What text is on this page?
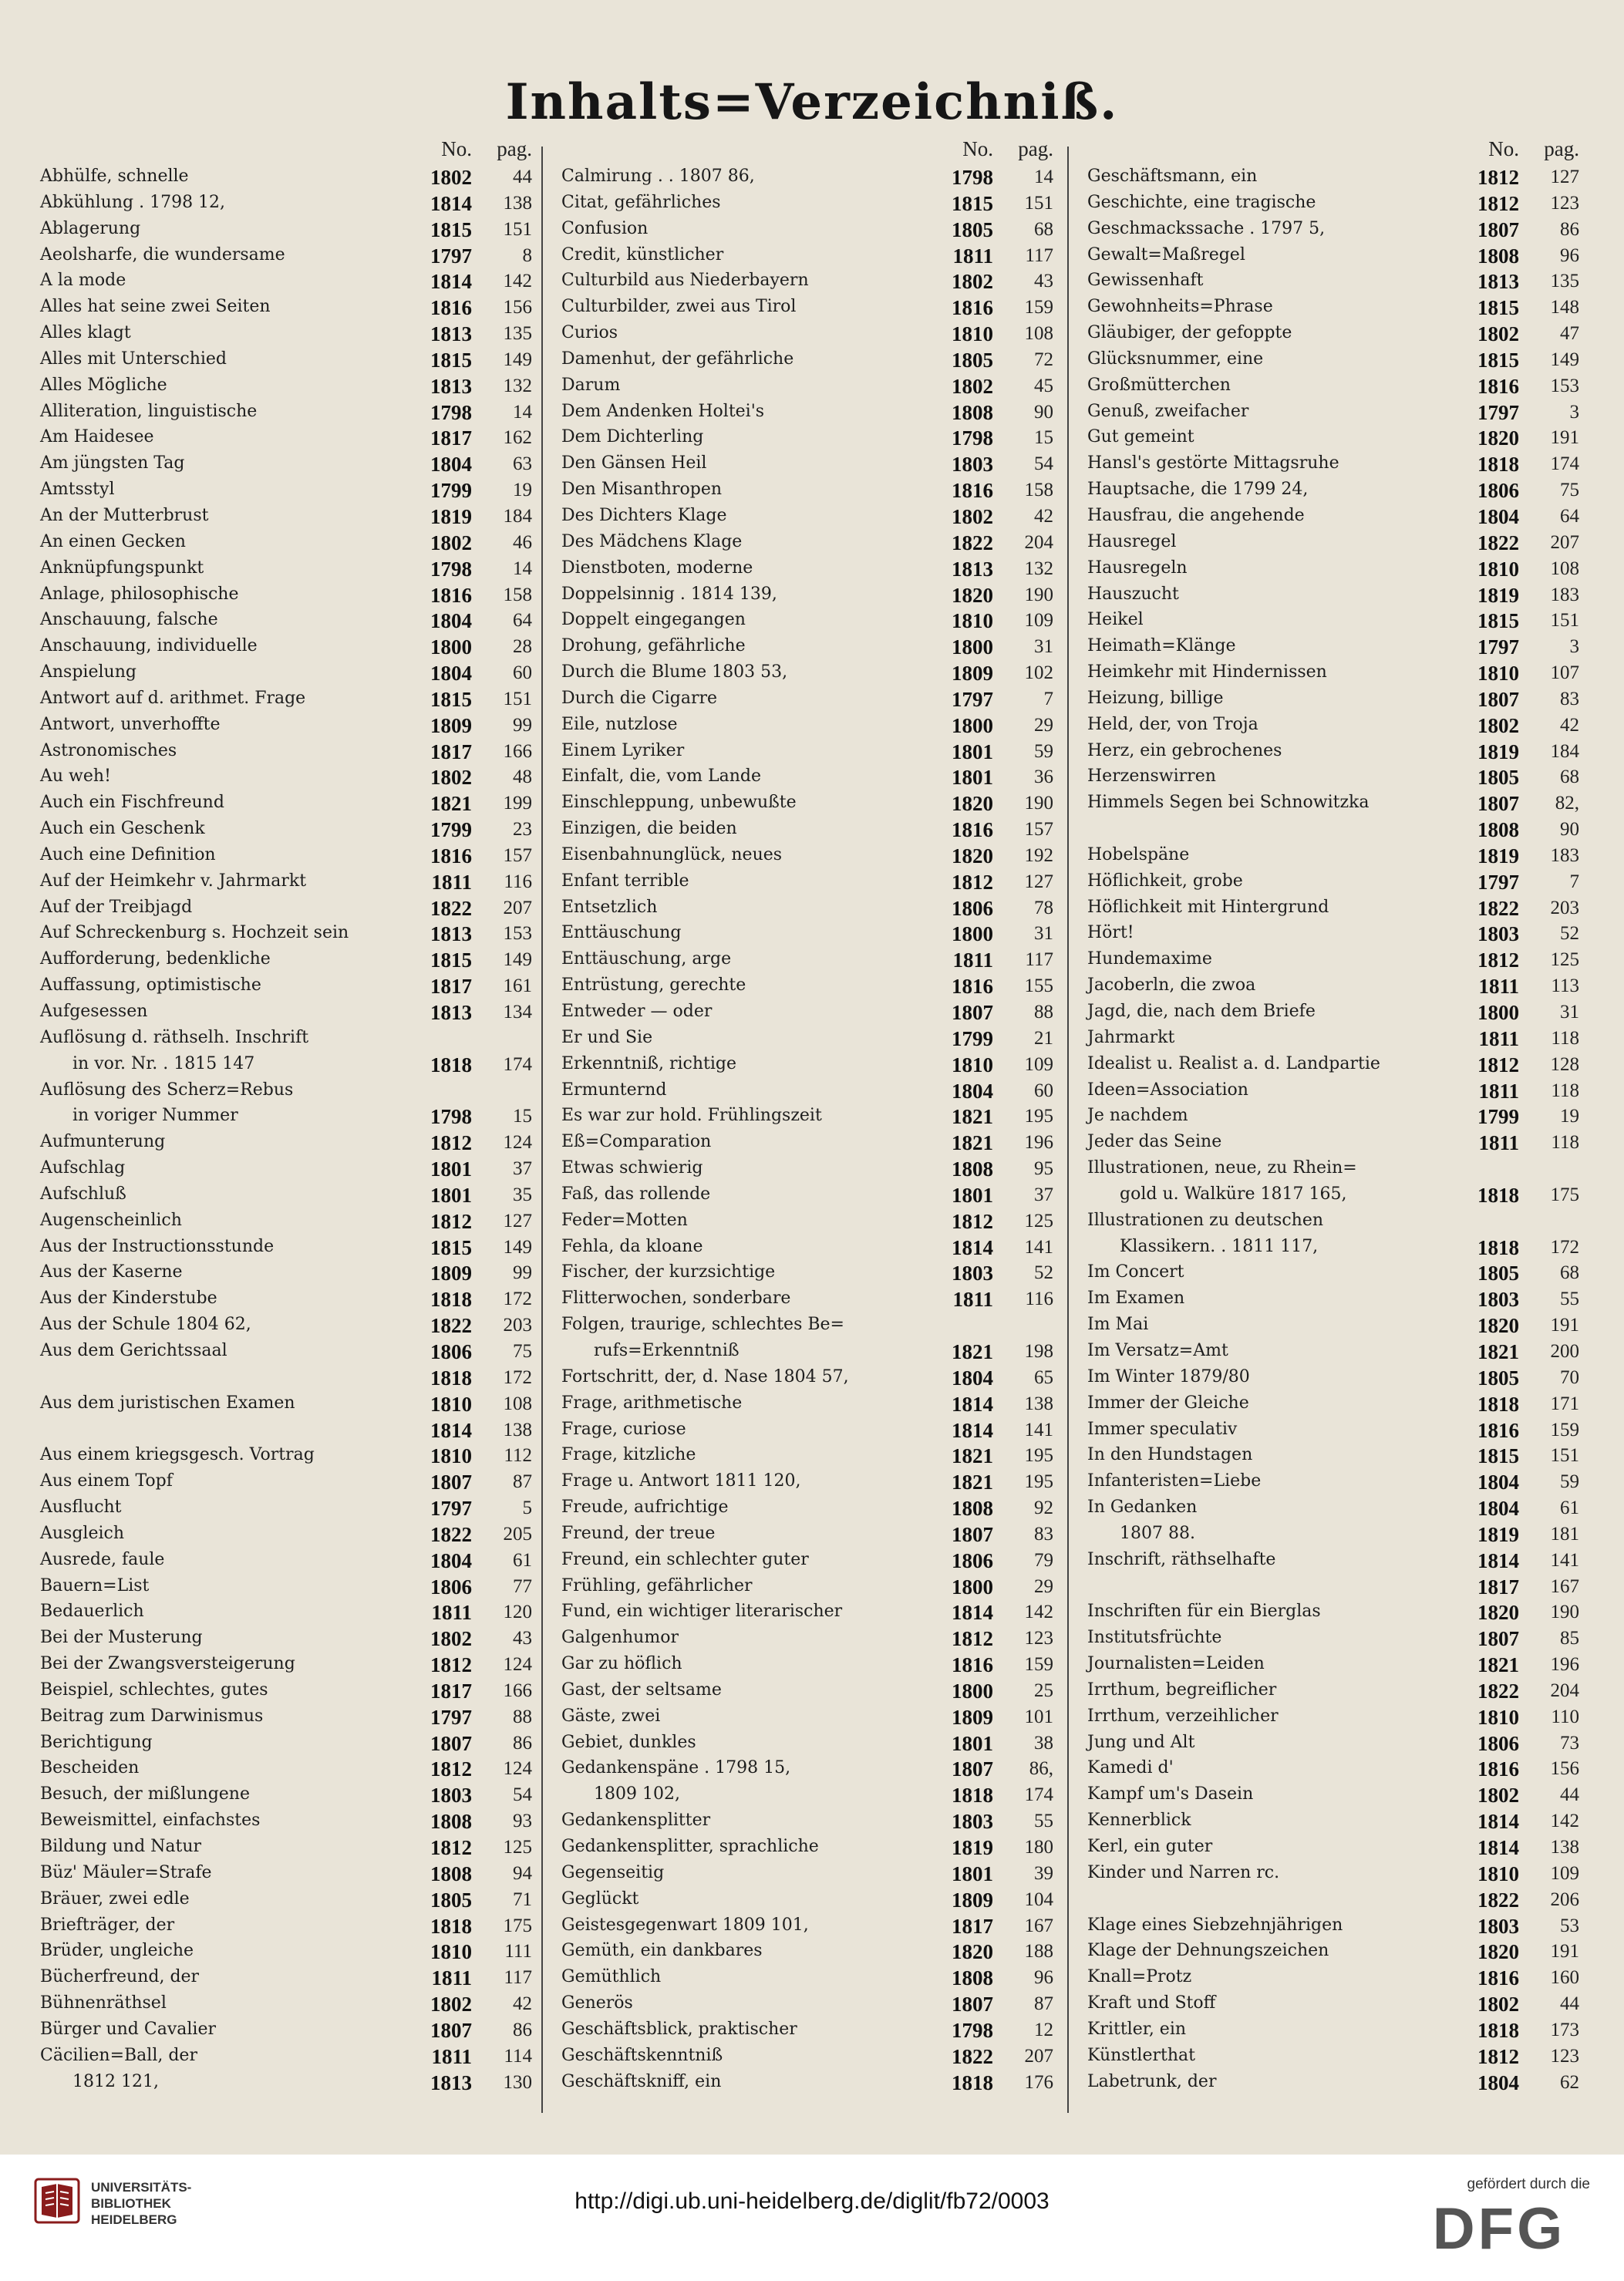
Inhalts=Verzeichniß.
No. pag.
Abhülfe, schnelle	1802 44
Abkühlung . 1798 12,	1814 138
Ablagerung	1815 151
Aeolsharfe, die wundersame	1797	8
A la mode	1814 142
Alles hat seine zwei Seiten	1816 156
Alles klagt	1813 135
Alles mit Unterschied	1815 149
Alles Mögliche	1813 132
Alliteration, linguistische	1798 14
Am Haidesee	1817 162
Am jüngsten Tag	1804 63
Amtsstyl	1799 19
An der Mutterbrust	1819 184
An einen Gecken	1802 46
Anknüpfungspunkt	1798 14
Anlage, philosophische	1816 158
Anschauung, falsche	1804 64
Anschauung, individuelle	1800 28
Anspielung	1804 60
Antwort auf d. arithmet. Frage	1815 151
Antwort, unverhoffte	1809 99
Astronomisches	1817 166
Au weh!	1802 48
Auch ein Fischfreund	1821 199
Auch ein Geschenk	1799 23
Auch eine Definition	1816 157
Auf der Heimkehr v. Jahrmarkt	1811 116
Auf der Treibjagd	1822 207
Auf Schreckenburg s. Hochzeit sein	1813 153
Aufforderung, bedenkliche	1815 149
Auffassung, optimistische	1817 161
Aufgesessen	1813 134
Auflösung d. räthselh. Inschrift
in vor. Nr. . 1815 147	1818 174
Auflösung des Scherz=Rebus
in voriger Nummer	1798 15
Aufmunterung	1812 124
Aufschlag	1801 37
Aufschluß	1801 35
Augenscheinlich	1812 127
Aus der Instructionsstunde	1815 149
Aus der Kaserne	1809 99
Aus der Kinderstube	1818 172
Aus der Schule 1804 62,	1822 203
Aus dem Gerichtssaal	1806 75
1818 172
Aus dem juristischen Examen	1810 108
1814 138
Aus einem kriegsgesch. Vortrag	1810 112
Aus einem Topf	1807 87
Ausflucht	1797	5
Ausgleich	1822 205
Ausrede, faule	1804 61
Bauern=List	1806 77
Bedauerlich	1811 120
Bei der Musterung	1802 43
Bei der Zwangsversteigerung	1812 124
Beispiel, schlechtes, gutes	1817 166
Beitrag zum Darwinismus	1797 88
Berichtigung	1807 86
Bescheiden	1812 124
Besuch, der mißlungene	1803 54
Beweismittel, einfachstes	1808 93
Bildung und Natur	1812 125
Büz' Mäuler=Strafe	1808 94
Bräuer, zwei edle	1805 71
Briefträger, der	1818 175
Brüder, ungleiche	1810 111
Bücherfreund, der	1811 117
Bühnenräthsel	1802 42
Bürger und Cavalier	1807 86
Cäcilien=Ball, der	1811 114
1812 121,	1813 130
No. pag.
Calmirung . . 1807 86,	1798 14
Citat, gefährliches	1815 151
Confusion	1805 68
Credit, künstlicher	1811 117
Culturbild aus Niederbayern	1802 43
Culturbilder, zwei aus Tirol	1816 159
Curios	1810 108
Damenhut, der gefährliche	1805 72
Darum	1802 45
Dem Andenken Holtei's	1808 90
Dem Dichterling	1798 15
Den Gänsen Heil	1803 54
Den Misanthropen	1816 158
Des Dichters Klage	1802 42
Des Mädchens Klage	1822 204
Dienstboten, moderne	1813 132
Doppelsinnig . 1814 139,	1820 190
Doppelt eingegangen	1810 109
Drohung, gefährliche	1800 31
Durch die Blume 1803 53,	1809 102
Durch die Cigarre	1797	7
Eile, nutzlose	1800 29
Einem Lyriker	1801 59
Einfalt, die, vom Lande	1801 36
Einschleppung, unbewußte	1820 190
Einzigen, die beiden	1816 157
Eisenbahnunglück, neues	1820 192
Enfant terrible	1812 127
Entsetzlich	1806 78
Enttäuschung	1800 31
Enttäuschung, arge	1811 117
Entrüstung, gerechte	1816 155
Entweder — oder	1807 88
Er und Sie	1799 21
Erkenntniß, richtige	1810 109
Ermunternd	1804 60
Es war zur hold. Frühlingszeit	1821 195
Eß=Comparation	1821 196
Etwas schwierig	1808 95
Faß, das rollende	1801 37
Feder=Motten	1812 125
Fehla, da kloane	1814 141
Fischer, der kurzsichtige	1803 52
Flitterwochen, sonderbare	1811 116
Folgen, traurige, schlechtes Be=
rufs=Erkenntniß	1821 198
Fortschritt, der, d. Nase 1804 57,	1804 65
Frage, arithmetische	1814 138
Frage, curiose	1814 141
Frage, kitzliche	1821 195
Frage u. Antwort 1811 120,	1821 195
Freude, aufrichtige	1808 92
Freund, der treue	1807 83
Freund, ein schlechter guter	1806 79
Frühling, gefährlicher	1800 29
Fund, ein wichtiger literarischer	1814 142
Galgenhumor	1812 123
Gar zu höflich	1816 159
Gast, der seltsame	1800 25
Gäste, zwei	1809 101
Gebiet, dunkles	1801 38
Gedankenspäne . 1798 15,	1807 86,
1809 102,	1818 174
Gedankensplitter	1803 55
Gedankensplitter, sprachliche	1819 180
Gegenseitig	1801 39
Geglückt	1809 104
Geistesgegenwart 1809 101,	1817 167
Gemüth, ein dankbares	1820 188
Gemüthlich	1808 96
Generös	1807 87
Geschäftsblick, praktischer	1798 12
Geschäftskenntniß	1822 207
Geschäftskniff, ein	1818 176
No. pag.
Geschäftsmann, ein	1812 127
Geschichte, eine tragische	1812 123
Geschmackssache . 1797 5,	1807 86
Gewalt=Maßregel	1808 96
Gewissenhaft	1813 135
Gewohnheits=Phrase	1815 148
Gläubiger, der gefoppte	1802 47
Glücksnummer, eine	1815 149
Großmütterchen	1816 153
Genuß, zweifacher	1797	3
Gut gemeint	1820 191
Hansl's gestörte Mittagsruhe	1818 174
Hauptsache, die 1799 24,	1806 75
Hausfrau, die angehende	1804 64
Hausregel	1822 207
Hausregeln	1810 108
Hauszucht	1819 183
Heikel	1815 151
Heimath=Klänge	1797	3
Heimkehr mit Hindernissen	1810 107
Heizung, billige	1807 83
Held, der, von Troja	1802 42
Herz, ein gebrochenes	1819 184
Herzenswirren	1805 68
Himmels Segen bei Schnowitzka	1807 82,
1808 90
Hobelspäne	1819 183
Höflichkeit, grobe	1797	7
Höflichkeit mit Hintergrund	1822 203
Hört!	1803 52
Hundemaxime	1812 125
Jacoberln, die zwoa	1811 113
Jagd, die, nach dem Briefe	1800 31
Jahrmarkt	1811 118
Idealist u. Realist a. d. Landpartie	1812 128
Ideen=Association	1811 118
Je nachdem	1799 19
Jeder das Seine	1811 118
Illustrationen, neue, zu Rhein=
gold u. Walküre 1817 165,	1818 175
Illustrationen zu deutschen
Klassikern. . 1811 117,	1818 172
Im Concert	1805 68
Im Examen	1803 55
Im Mai	1820 191
Im Versatz=Amt	1821 200
Im Winter 1879/80	1805 70
Immer der Gleiche	1818 171
Immer speculativ	1816 159
In den Hundstagen	1815 151
Infanteristen=Liebe	1804 59
In Gedanken	1804 61
1807 88.	1819 181
Inschrift, räthselhafte	1814 141
1817 167
Inschriften für ein Bierglas	1820 190
Institutsfrüchte	1807 85
Journalisten=Leiden	1821 196
Irrthum, begreiflicher	1822 204
Irrthum, verzeihlicher	1810 110
Jung und Alt	1806 73
Kamedi d'	1816 156
Kampf um's Dasein	1802 44
Kennerblick	1814 142
Kerl, ein guter	1814 138
Kinder und Narren rc.	1810 109
1822 206
Klage eines Siebzehnjährigen	1803 53
Klage der Dehnungszeichen	1820 191
Knall=Protz	1816 160
Kraft und Stoff	1802 44
Krittler, ein	1818 173
Künstlerthat	1812 123
Labetrunk, der	1804 62
UNIVERSITÄTS-
BIBLIOTHEK
HEIDELBERG
http://digi.ub.uni-heidelberg.de/diglit/fb72/0003
gefördert durch die
DFG
